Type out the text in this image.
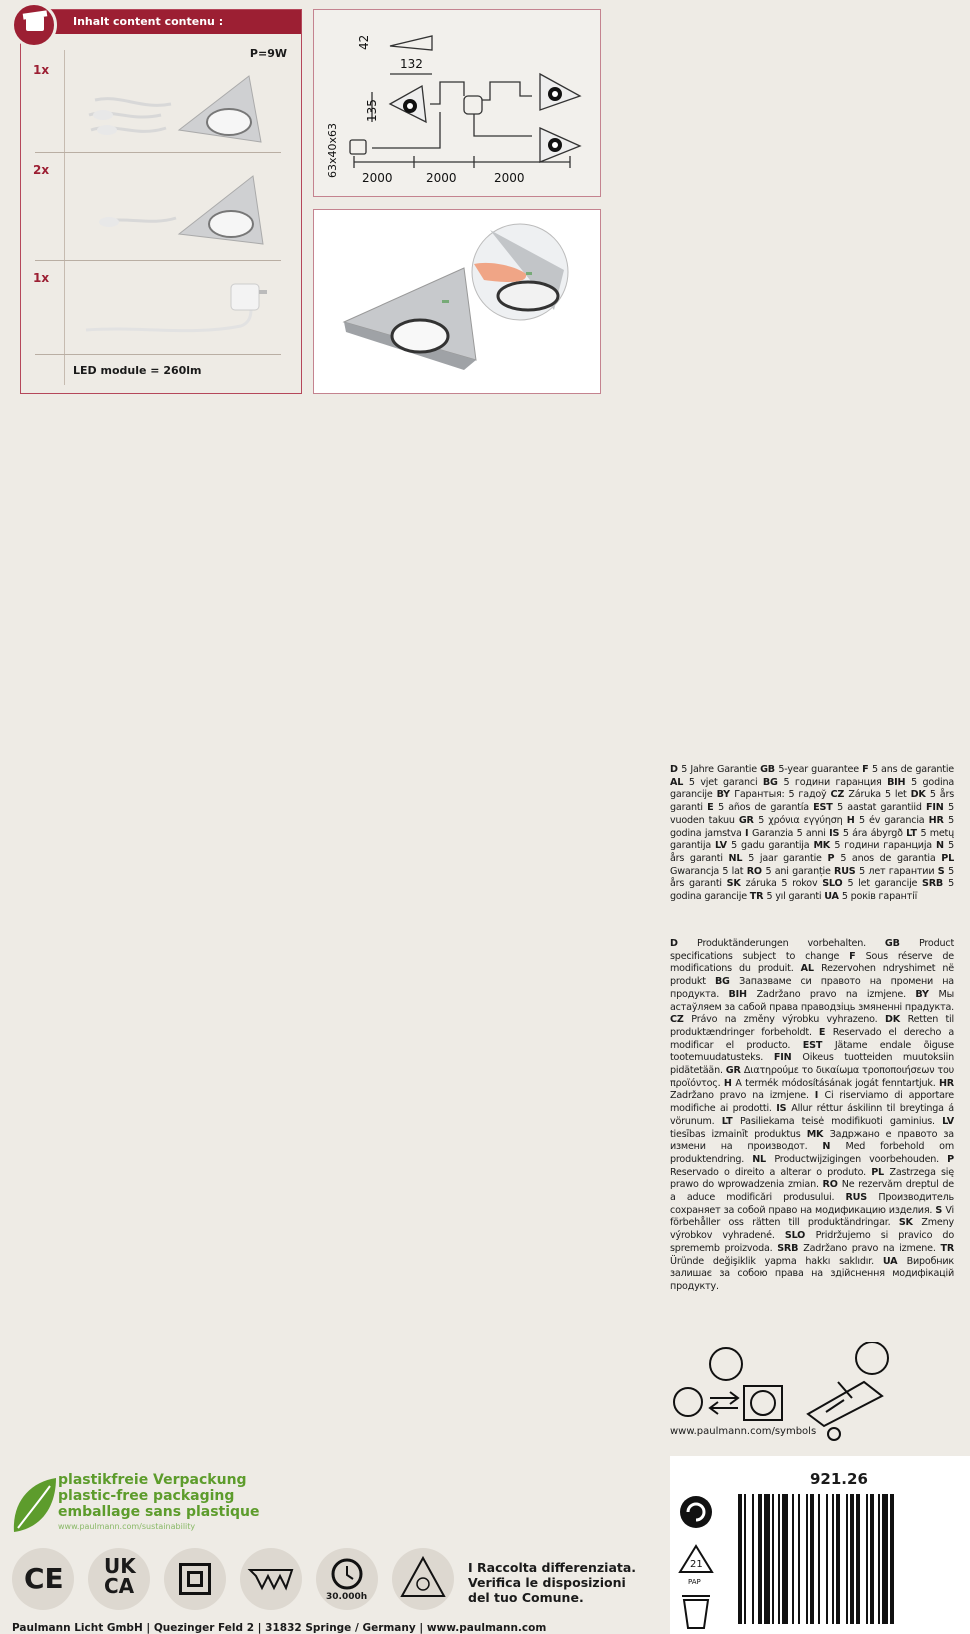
Inhalt content contenu :
P=9W
1x
2x
1x
LED module = 260lm
42
132
135
63x40x63 2000	2000	2000
D 5 Jahre Garantie GB 5-year guarantee F 5 ans de garantie AL 5 vjet garanci BG 5 години гаранция BIH 5 godina garancije BY Гарантыя: 5 гадоў CZ Záruka 5 let DK 5 års garanti E 5 años de garantía EST 5 aastat garantiid FIN 5 vuoden takuu GR 5 χρόνια εγγύηση H 5 év garancia HR 5 godina jamstva I Garanzia 5 anni IS 5 ára ábyrgð LT 5 metų garantija LV 5 gadu garantija MK 5 години гаранција N 5 års garanti NL 5 jaar garantie P 5 anos de garantia PL Gwarancja 5 lat RO 5 ani garanție RUS 5 лет гарантии S 5 års garanti SK záruka 5 rokov SLO 5 let garancije SRB 5 godina garancije TR 5 yıl garanti UA 5 років гарантії
D Produktänderungen vorbehalten. GB Product specifications subject to change F Sous réserve de modifications du produit. AL Rezervohen ndryshimet në produkt BG Запазваме си правото на промени на продукта. BIH Zadržano pravo na izmjene. BY Мы астаўляем за сабой права праводзіць змяненні прадукта. CZ Právo na změny výrobku vyhrazeno. DK Retten til produktændringer forbeholdt. E Reservado el derecho a modificar el producto. EST Jätame endale õiguse tootemuudatusteks. FIN Oikeus tuotteiden muutoksiin pidätetään. GR Διατηρούμε το δικαίωμα τροποποιήσεων του προϊόντος. H A termék módosításának jogát fenntartjuk. HR Zadržano pravo na izmjene. I Ci riserviamo di apportare modifiche ai prodotti. IS Allur réttur áskilinn til breytinga á vörunum. LT Pasiliekama teisė modifikuoti gaminius. LV tiesības izmainīt produktus MK Задржано е правото за измени на производот. N Med forbehold om produktendring. NL Productwijzigingen voorbehouden. P Reservado o direito a alterar o produto. PL Zastrzega się prawo do wprowadzenia zmian. RO Ne rezervăm dreptul de a aduce modificări produsului. RUS Производитель сохраняет за собой право на модификацию изделия. S Vi förbehåller oss rätten till produktändringar. SK Zmeny výrobkov vyhradené. SLO Pridržujemo si pravico do sprememb proizvoda. SRB Zadržano pravo na izmene. TR Üründe değişiklik yapma hakkı saklıdır. UA Виробник залишає за собою права на здійснення модифікацій продукту.
www.paulmann.com/symbols
921.26
21
PAP
plastikfreie Verpackung
plastic-free packaging
emballage sans plastique
www.paulmann.com/sustainability
CE UK
CA	30.000h
I Raccolta differenziata. Verifica le disposizioni del tuo Comune.
Paulmann Licht GmbH | Quezinger Feld 2 | 31832 Springe / Germany | www.paulmann.com
